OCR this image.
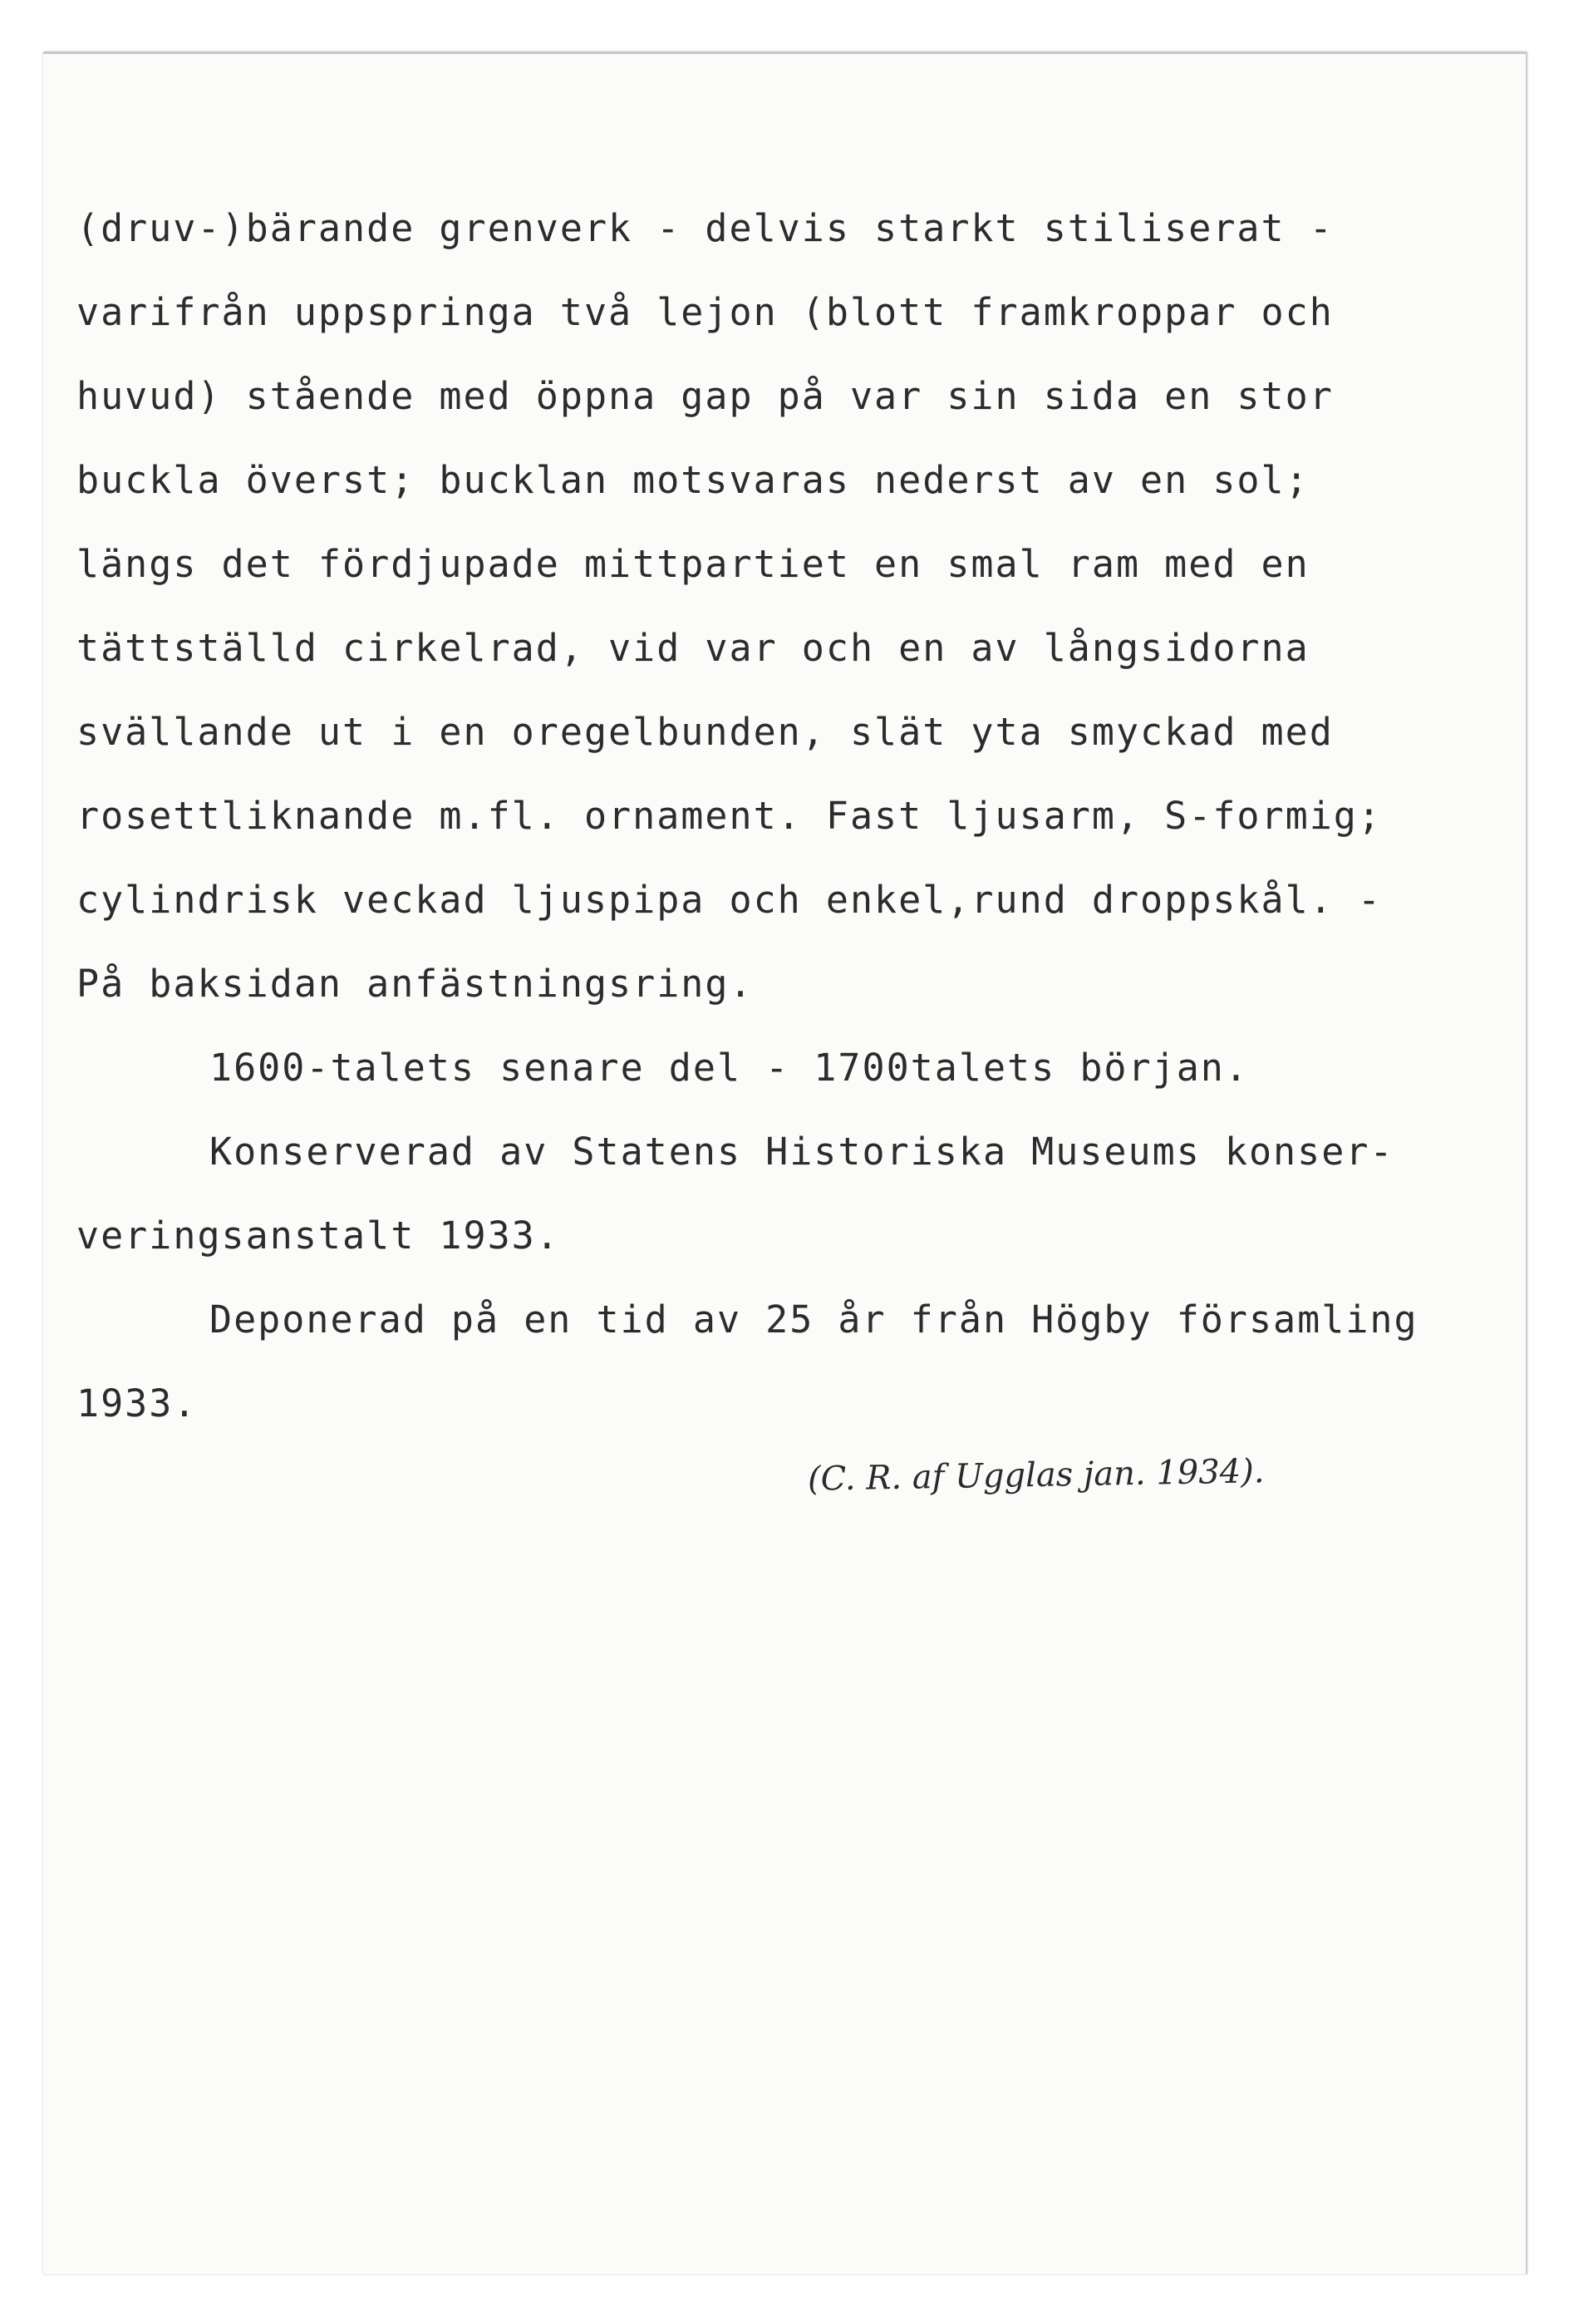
(druv-)bärande grenverk - delvis starkt stiliserat -

varifrån uppspringa två lejon (blott framkroppar och

huvud) stående med öppna gap på var sin sida en stor

buckla överst; bucklan motsvaras nederst av en sol;

längs det fördjupade mittpartiet en smal ram med en

tättställd cirkelrad, vid var och en av långsidorna

svällande ut i en oregelbunden, slät yta smyckad med

rosettliknande m.fl. ornament. Fast ljusarm, S-formig;

cylindrisk veckad ljuspipa och enkel,rund droppskål. -

På baksidan anfästningsring.

1600-talets senare del - 1700talets början.

Konserverad av Statens Historiska Museums konser-

veringsanstalt 1933.

Deponerad på en tid av 25 år från Högby församling

1933.

(C. R. af Ugglas jan. 1934).
